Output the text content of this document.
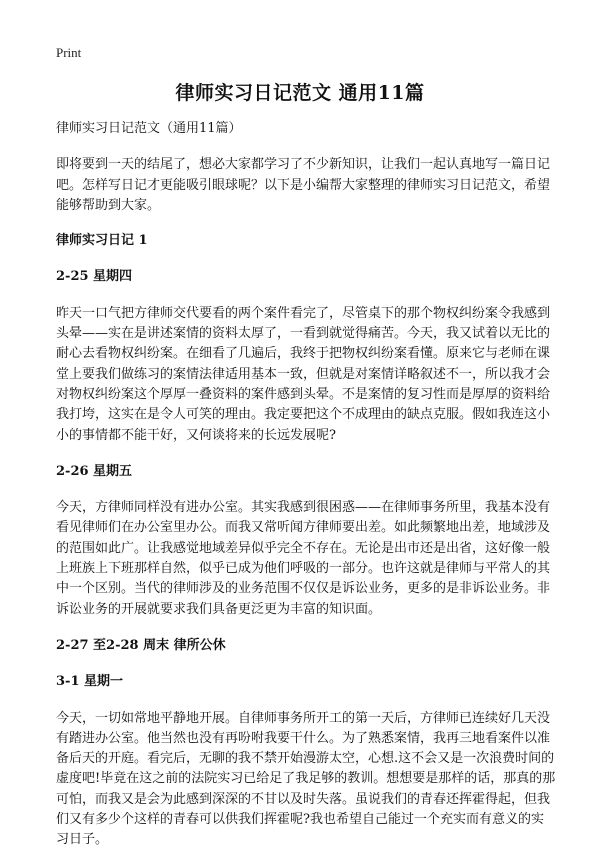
Print
律师实习日记范文 通用11篇

律师实习日记范文（通用11篇）

即将要到一天的结尾了，想必大家都学习了不少新知识，让我们一起认真地写一篇日记吧。怎样写日记才更能吸引眼球呢？以下是小编帮大家整理的律师实习日记范文，希望能够帮助到大家。

律师实习日记 1

2-25 星期四

昨天一口气把方律师交代要看的两个案件看完了，尽管桌下的那个物权纠纷案令我感到头晕——实在是讲述案情的资料太厚了，一看到就觉得痛苦。今天，我又试着以无比的耐心去看物权纠纷案。在细看了几遍后，我终于把物权纠纷案看懂。原来它与老师在课堂上要我们做练习的案情法律适用基本一致，但就是对案情详略叙述不一，所以我才会对物权纠纷案这个厚厚一叠资料的案件感到头晕。不是案情的复习性而是厚厚的资料给我打垮，这实在是令人可笑的理由。我定要把这个不成理由的缺点克服。假如我连这小小的事情都不能干好，又何谈将来的长远发展呢?

2-26 星期五

今天，方律师同样没有进办公室。其实我感到很困惑——在律师事务所里，我基本没有看见律师们在办公室里办公。而我又常听闻方律师要出差。如此频繁地出差，地域涉及的范围如此广。让我感觉地域差异似乎完全不存在。无论是出市还是出省，这好像一般上班族上下班那样自然，似乎已成为他们呼吸的一部分。也许这就是律师与平常人的其中一个区别。当代的律师涉及的业务范围不仅仅是诉讼业务，更多的是非诉讼业务。非诉讼业务的开展就要求我们具备更泛更为丰富的知识面。

2-27 至2-28 周末 律所公休

3-1 星期一

今天，一切如常地平静地开展。自律师事务所开工的第一天后，方律师已连续好几天没有踏进办公室。他当然也没有再吩咐我要干什么。为了熟悉案情，我再三地看案件以准备后天的开庭。看完后，无聊的我不禁开始漫游太空，心想.这不会又是一次浪费时间的虚度吧!毕竟在这之前的法院实习已给足了我足够的教训。想想要是那样的话，那真的那可怕，而我又是会为此感到深深的不甘以及时失落。虽说我们的青春还挥霍得起，但我们又有多少个这样的青春可以供我们挥霍呢?我也希望自己能过一个充实而有意义的实习日子。
